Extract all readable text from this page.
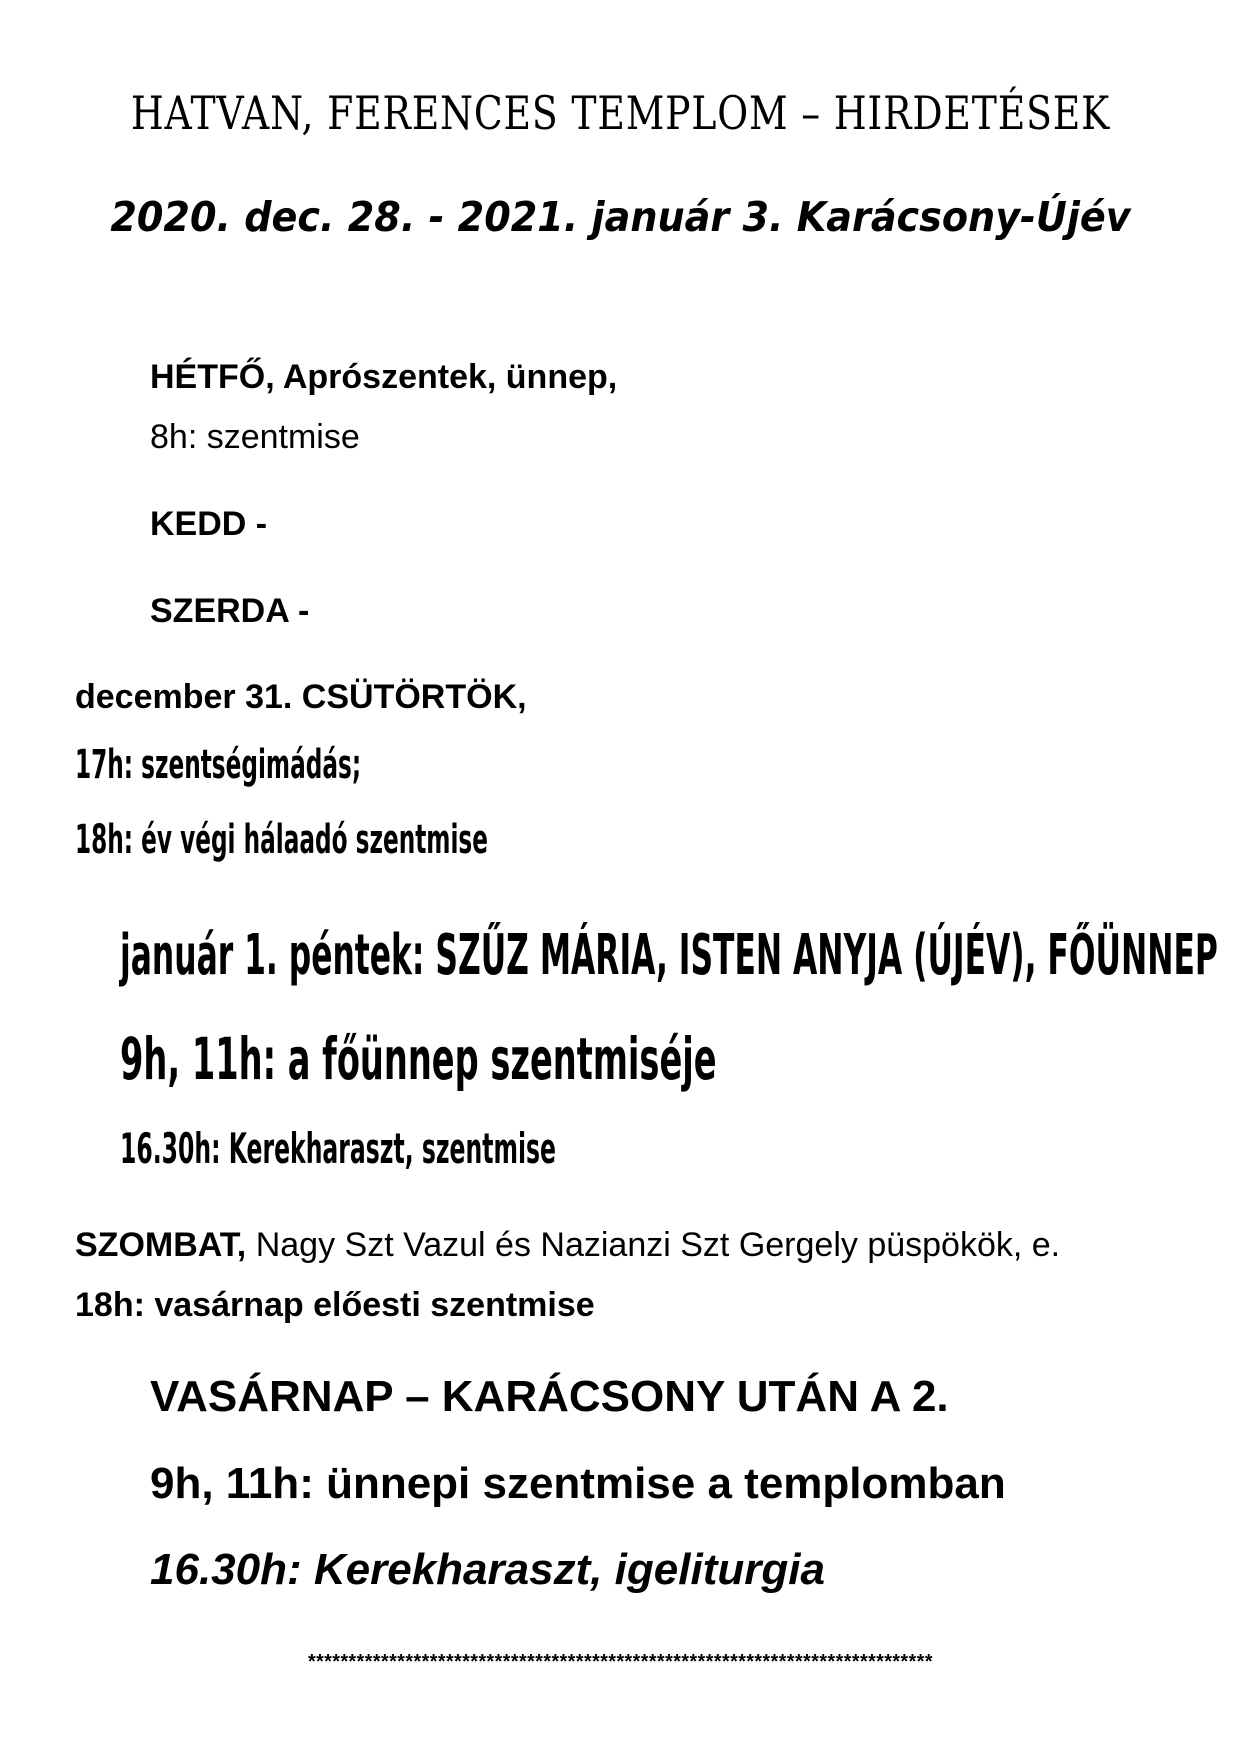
HATVAN, FERENCES TEMPLOM – HIRDETÉSEK
2020. dec. 28. - 2021. január 3. Karácsony-Újév
HÉTFŐ, Aprószentek, ünnep,
8h: szentmise
KEDD -
SZERDA -
december 31. CSÜTÖRTÖK,
17h: szentségimádás;
18h: év végi hálaadó szentmise
január 1. péntek: SZŰZ MÁRIA, ISTEN ANYJA (ÚJÉV), FŐÜNNEP
9h, 11h: a főünnep szentmiséje
16.30h: Kerekharaszt, szentmise
SZOMBAT, Nagy Szt Vazul és Nazianzi Szt Gergely püspökök, e.
18h: vasárnap előesti szentmise
VASÁRNAP – KARÁCSONY UTÁN A 2.
9h, 11h: ünnepi szentmise a templomban
16.30h: Kerekharaszt, igeliturgia
*****************************************************************************
